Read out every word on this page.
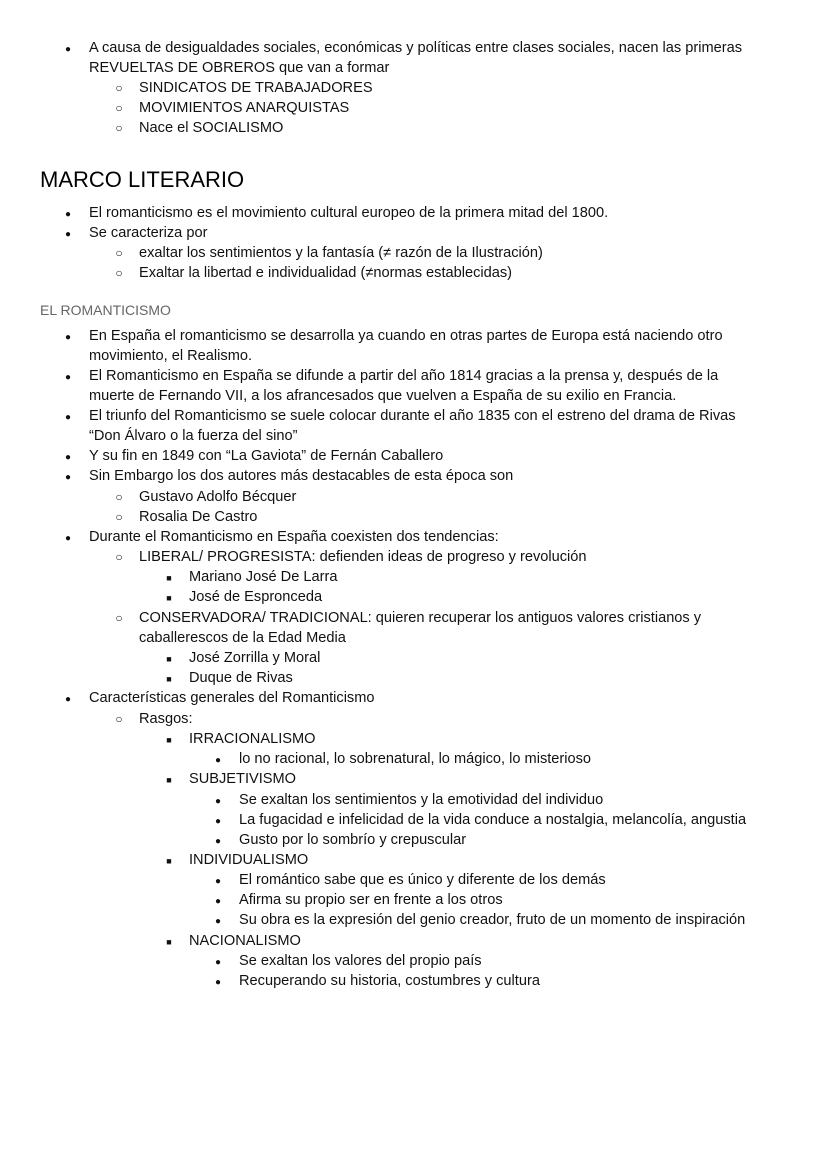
●
A causa de desigualdades sociales, económicas y políticas entre clases sociales, nacen las primeras
REVUELTAS DE OBREROS que van a formar
○
SINDICATOS DE TRABAJADORES
○
MOVIMIENTOS ANARQUISTAS
○
Nace el SOCIALISMO
MARCO LITERARIO
●
El romanticismo es el movimiento cultural europeo de la primera mitad del 1800.
●
Se caracteriza por
○
exaltar los sentimientos y la fantasía (≠ razón de la Ilustración)
○
Exaltar la libertad e individualidad (≠normas establecidas)
EL ROMANTICISMO
●
En España el romanticismo se desarrolla ya cuando en otras partes de Europa está naciendo otro
movimiento, el Realismo.
●
El Romanticismo en España se difunde a partir del año 1814 gracias a la prensa y, después de la
muerte de Fernando VII, a los afrancesados que vuelven a España de su exilio en Francia.
●
El triunfo del Romanticismo se suele colocar durante el año 1835 con el estreno del drama de Rivas
“Don Álvaro o la fuerza del sino”
●
Y su fin en 1849 con “La Gaviota” de Fernán Caballero
●
Sin Embargo los dos autores más destacables de esta época son
○
Gustavo Adolfo Bécquer
○
Rosalia De Castro
●
Durante el Romanticismo en España coexisten dos tendencias:
○
LIBERAL/ PROGRESISTA: defienden ideas de progreso y revolución
■
Mariano José De Larra
■
José de Espronceda
○
CONSERVADORA/ TRADICIONAL: quieren recuperar los antiguos valores cristianos y
caballerescos de la Edad Media
■
José Zorrilla y Moral
■
Duque de Rivas
●
Características generales del Romanticismo
○
Rasgos:
■
IRRACIONALISMO
●
lo no racional, lo sobrenatural, lo mágico, lo misterioso
■
SUBJETIVISMO
●
Se exaltan los sentimientos y la emotividad del individuo
●
La fugacidad e infelicidad de la vida conduce a nostalgia, melancolía, angustia
●
Gusto por lo sombrío y crepuscular
■
INDIVIDUALISMO
●
El romántico sabe que es único y diferente de los demás
●
Afirma su propio ser en frente a los otros
●
Su obra es la expresión del genio creador, fruto de un momento de inspiración
■
NACIONALISMO
●
Se exaltan los valores del propio país
●
Recuperando su historia, costumbres y cultura
